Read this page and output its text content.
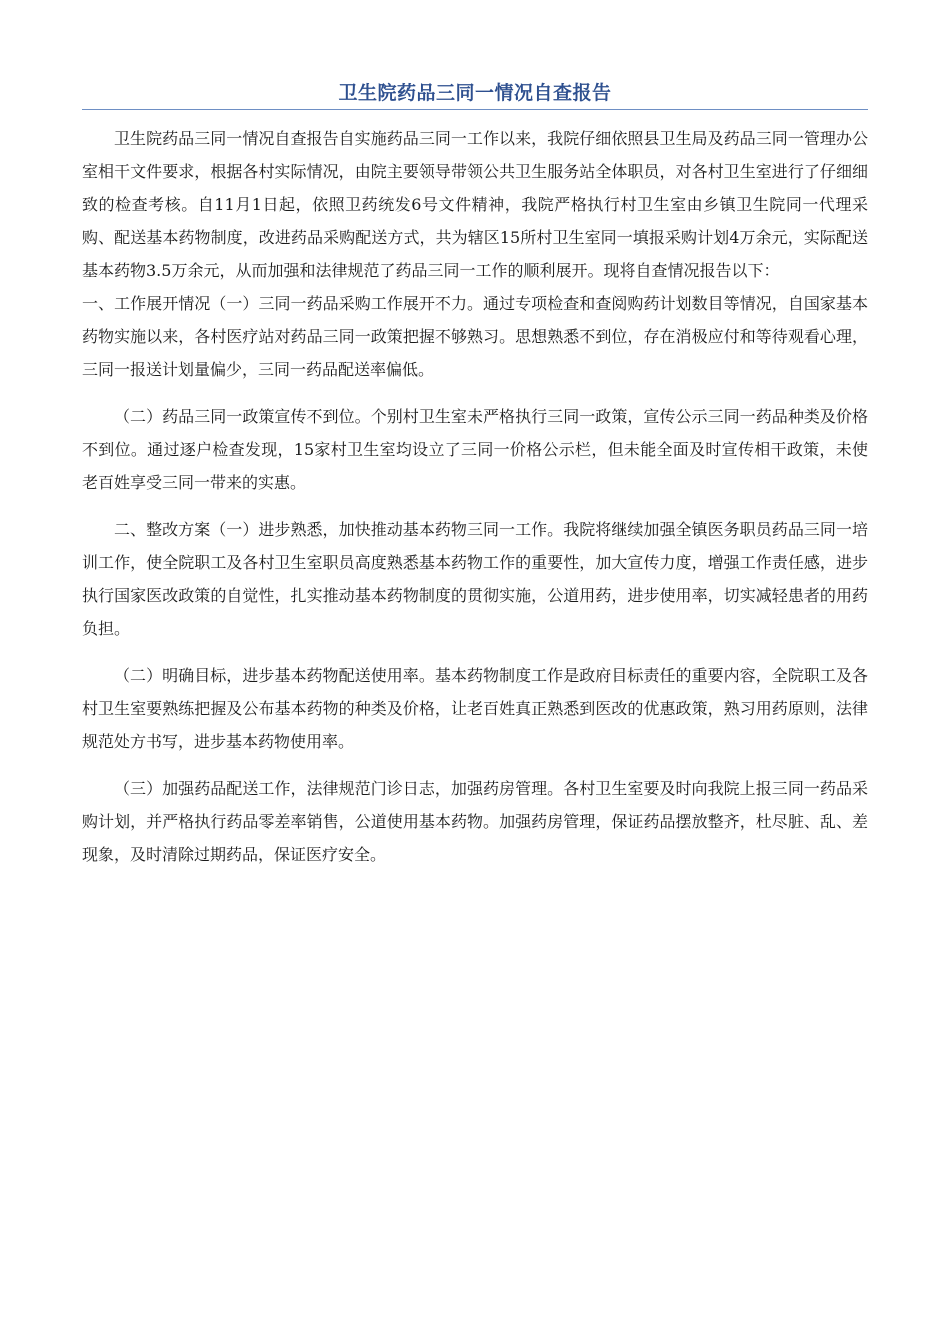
卫生院药品三同一情况自查报告

卫生院药品三同一情况自查报告自实施药品三同一工作以来，我院仔细依照县卫生局及药品三同一管理办公室相干文件要求，根据各村实际情况，由院主要领导带领公共卫生服务站全体职员，对各村卫生室进行了仔细细致的检查考核。自11月1日起，依照卫药统发6号文件精神，我院严格执行村卫生室由乡镇卫生院同一代理采购、配送基本药物制度，改进药品采购配送方式，共为辖区15所村卫生室同一填报采购计划4万余元，实际配送基本药物3.5万余元，从而加强和法律规范了药品三同一工作的顺利展开。现将自查情况报告以下：

一、工作展开情况（一）三同一药品采购工作展开不力。通过专项检查和查阅购药计划数目等情况，自国家基本药物实施以来，各村医疗站对药品三同一政策把握不够熟习。思想熟悉不到位，存在消极应付和等待观看心理，三同一报送计划量偏少，三同一药品配送率偏低。

（二）药品三同一政策宣传不到位。个别村卫生室未严格执行三同一政策，宣传公示三同一药品种类及价格不到位。通过逐户检查发现，15家村卫生室均设立了三同一价格公示栏，但未能全面及时宣传相干政策，未使老百姓享受三同一带来的实惠。

二、整改方案（一）进步熟悉，加快推动基本药物三同一工作。我院将继续加强全镇医务职员药品三同一培训工作，使全院职工及各村卫生室职员高度熟悉基本药物工作的重要性，加大宣传力度，增强工作责任感，进步执行国家医改政策的自觉性，扎实推动基本药物制度的贯彻实施，公道用药，进步使用率，切实减轻患者的用药负担。

（二）明确目标，进步基本药物配送使用率。基本药物制度工作是政府目标责任的重要内容，全院职工及各村卫生室要熟练把握及公布基本药物的种类及价格，让老百姓真正熟悉到医改的优惠政策，熟习用药原则，法律规范处方书写，进步基本药物使用率。

（三）加强药品配送工作，法律规范门诊日志，加强药房管理。各村卫生室要及时向我院上报三同一药品采购计划，并严格执行药品零差率销售，公道使用基本药物。加强药房管理，保证药品摆放整齐，杜尽脏、乱、差现象，及时清除过期药品，保证医疗安全。
